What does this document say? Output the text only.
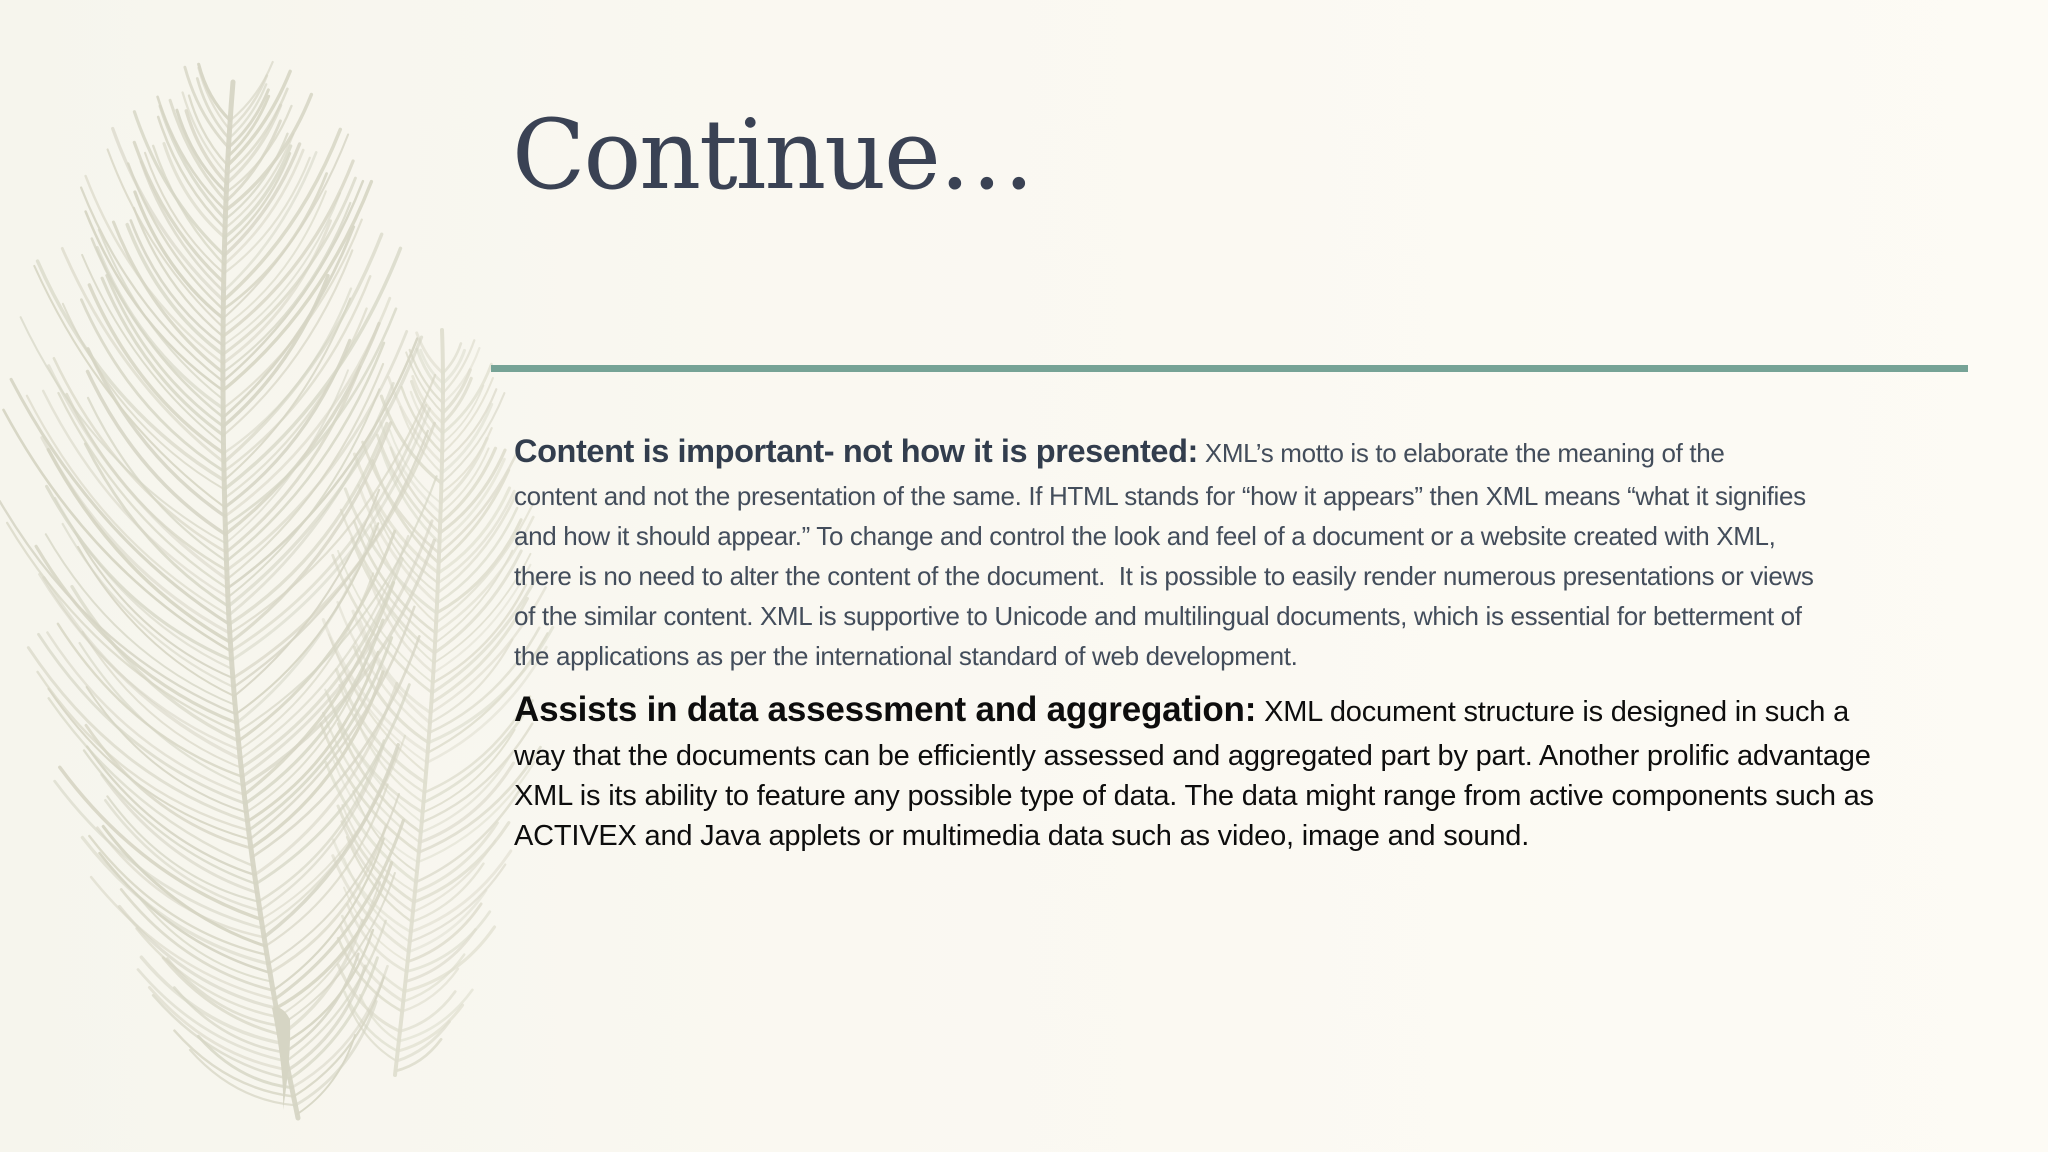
Continue…
Content is important- not how it is presented: XML’s motto is to elaborate the meaning of the
content and not the presentation of the same. If HTML stands for “how it appears” then XML means “what it signifies
and how it should appear.” To change and control the look and feel of a document or a website created with XML,
there is no need to alter the content of the document.  It is possible to easily render numerous presentations or views
of the similar content. XML is supportive to Unicode and multilingual documents, which is essential for betterment of
the applications as per the international standard of web development.
Assists in data assessment and aggregation: XML document structure is designed in such a
way that the documents can be efficiently assessed and aggregated part by part. Another prolific advantage
XML is its ability to feature any possible type of data. The data might range from active components such as
ACTIVEX and Java applets or multimedia data such as video, image and sound.
